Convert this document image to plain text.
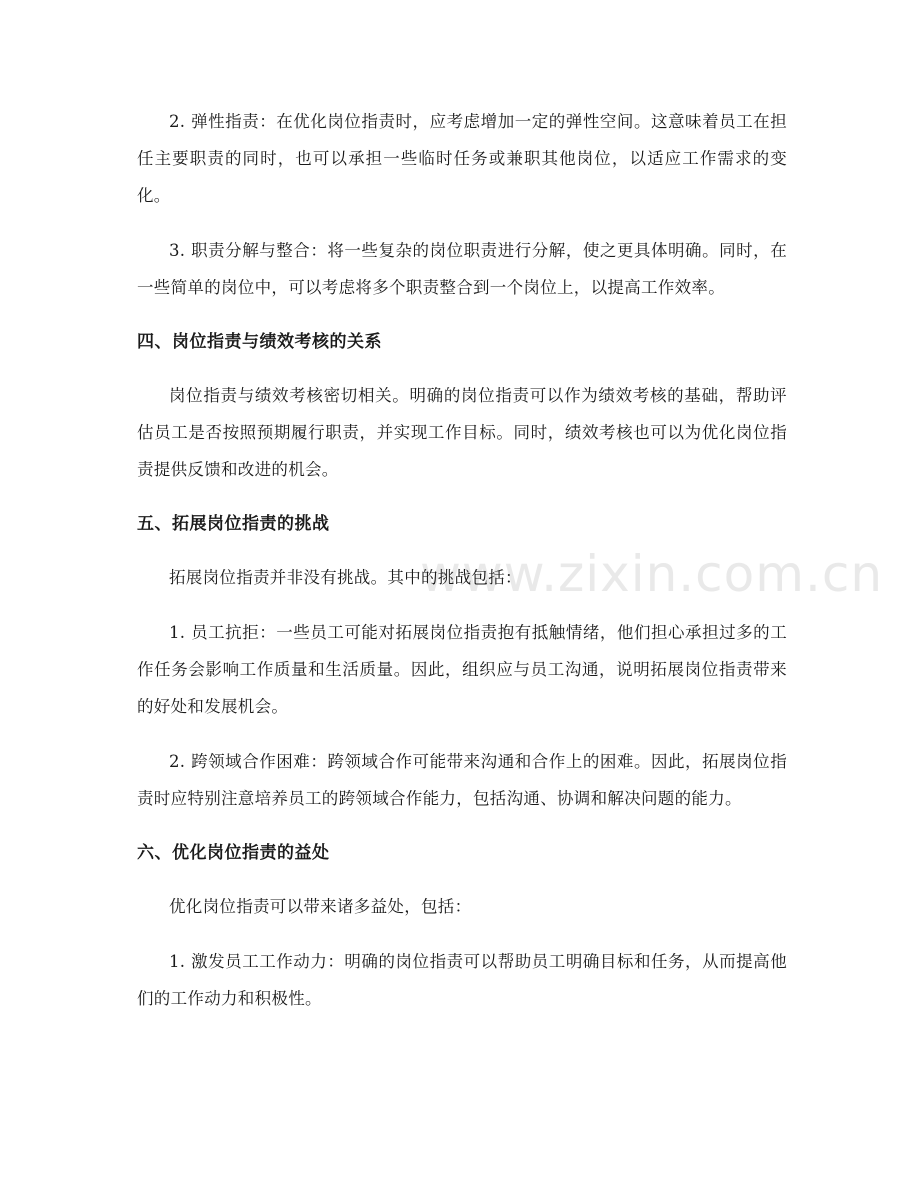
www.zixin.com.cn

2. 弹性指责：在优化岗位指责时，应考虑增加一定的弹性空间。这意味着员工在担任主要职责的同时，也可以承担一些临时任务或兼职其他岗位，以适应工作需求的变化。

3. 职责分解与整合：将一些复杂的岗位职责进行分解，使之更具体明确。同时，在一些简单的岗位中，可以考虑将多个职责整合到一个岗位上，以提高工作效率。

四、岗位指责与绩效考核的关系

岗位指责与绩效考核密切相关。明确的岗位指责可以作为绩效考核的基础，帮助评估员工是否按照预期履行职责，并实现工作目标。同时，绩效考核也可以为优化岗位指责提供反馈和改进的机会。

五、拓展岗位指责的挑战

拓展岗位指责并非没有挑战。其中的挑战包括：

1. 员工抗拒：一些员工可能对拓展岗位指责抱有抵触情绪，他们担心承担过多的工作任务会影响工作质量和生活质量。因此，组织应与员工沟通，说明拓展岗位指责带来的好处和发展机会。

2. 跨领域合作困难：跨领域合作可能带来沟通和合作上的困难。因此，拓展岗位指责时应特别注意培养员工的跨领域合作能力，包括沟通、协调和解决问题的能力。

六、优化岗位指责的益处

优化岗位指责可以带来诸多益处，包括：

1. 激发员工工作动力：明确的岗位指责可以帮助员工明确目标和任务，从而提高他们的工作动力和积极性。
